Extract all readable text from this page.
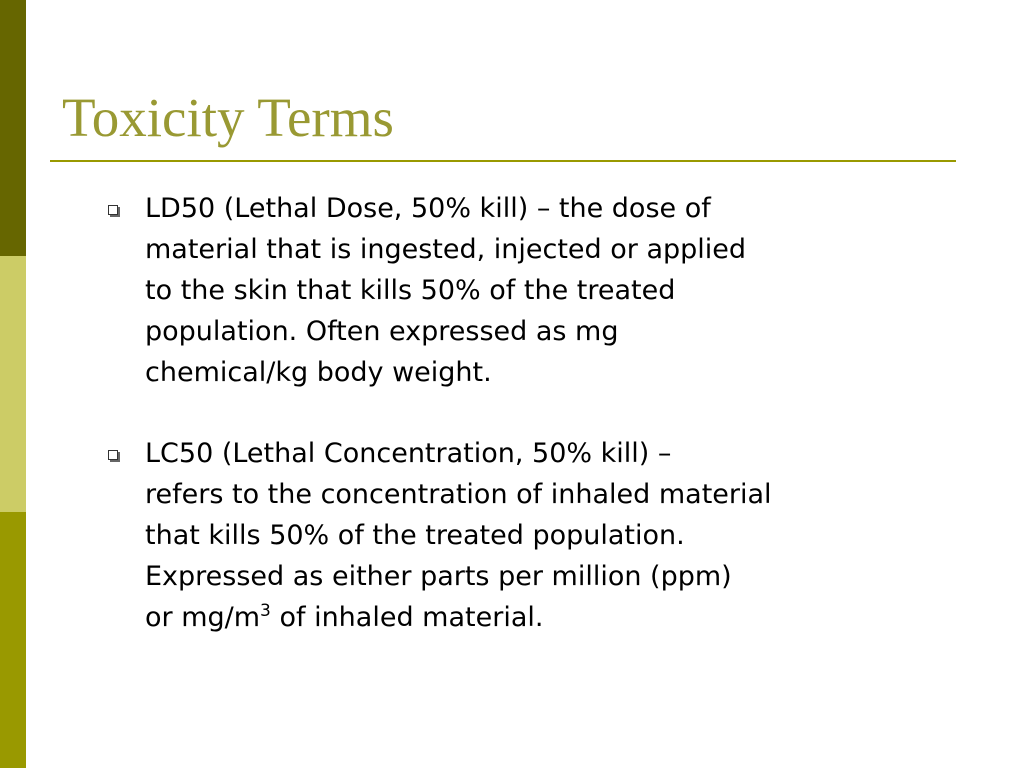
Toxicity Terms
LD50 (Lethal Dose, 50% kill) – the dose of
material that is ingested, injected or applied
to the skin that kills 50% of the treated
population. Often expressed as mg
chemical/kg body weight.
LC50 (Lethal Concentration, 50% kill) –
refers to the concentration of inhaled material
that kills 50% of the treated population.
Expressed as either parts per million (ppm)
or $mg/m^3$ of inhaled material.
